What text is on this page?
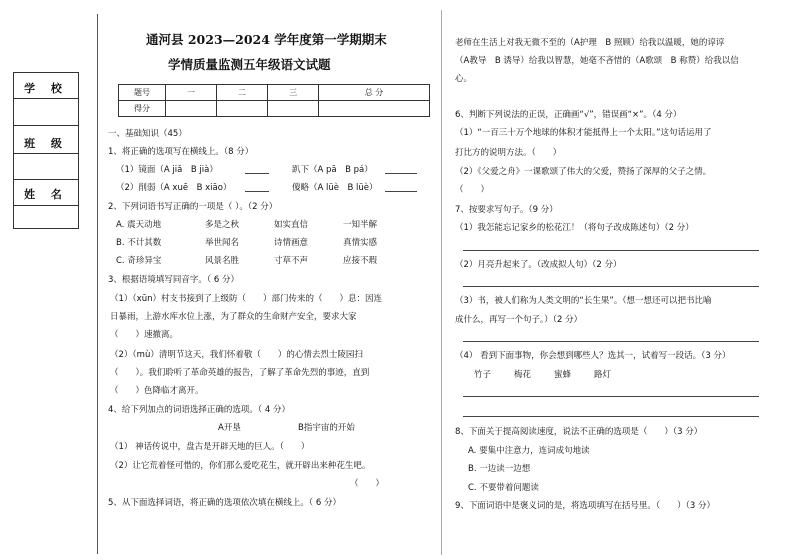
学 校
班 级
姓 名
通河县 2023—2024 学年度第一学期期末
学情质量监测五年级语文试题
题号	一	二	三	总 分
得分				
一、基础知识（45）
1、将正确的选项写在横线上。（8 分）
（1）镜面（A jiǎ　B jià）	趴下（A pā　B pá）
（2）削弱（A xuē　B xiāo）	傻略（A lüè　B lüè）
2、下列词语书写正确的一项是（ ）。（2 分）
A. 震天动地	多是之秋	如实直信	一知半解
B. 不计其数	举世闻名	诗情画意	真情实感
C. 奇珍异宝	风景名胜	寸草不声	应接不瑕
3、根据语境填写同音字。（ 6 分）
（1）（xūn）村支书接到了上级防（　　）部门传来的（　　）息：因连
日暴雨，上游水库水位上涨，为了群众的生命财产安全，要求大家
（　　）速撤离。
（2）（mù）清明节这天，我们怀着敬（　　）的心情去烈士陵园扫
（　　）。我们聆听了革命英雄的报告，了解了革命先烈的事迹，直到
（　　）色降临才离开。
4、给下列加点的词语选择正确的选项。（ 4 分）
A开垦	B指宇宙的开始
（1） 神话传说中，盘古是开辟天地的巨人。（　　）
（2）让它荒着怪可惜的，你们那么爱吃花生，就开辟出来种花生吧。
（　　）
5、从下面选择词语，将正确的选项依次填在横线上。（ 6 分）
老师在生活上对我无微不至的（A护理　B 照顾）给我以温暖，她的谆谆
（A教导　B 诱导）给我以智慧，她毫不吝惜的（A歌颂　B 称赞）给我以信
心。
6、判断下列说法的正误，正确画“√”，错误画“×”。（4 分）
（1）“一百三十万个地球的体积才能抵得上一个太阳。”这句话运用了
打比方的说明方法。（　　）
（2）《父爱之舟》一课歌颂了伟大的父爱，赞扬了深厚的父子之情。
（　　）
7、按要求写句子。（9 分）
（1）我怎能忘记家乡的松花江！（将句子改成陈述句）（2 分）
（2）月亮升起来了。（改成拟人句）（2 分）
（3）书，被人们称为人类文明的“长生果”。（想一想还可以把书比喻
成什么，再写一个句子。）（2 分）
（4） 看到下面事物，你会想到哪些人？选其一，试着写一段话。（3 分）
竹子	梅花	蜜蜂	路灯
8、下面关于提高阅读速度，说法不正确的选项是（　　）（3 分）
A. 要集中注意力，连词成句地读
B. 一边读一边想
C. 不要带着问题读
9、下面词语中是褒义词的是，将选项填写在括号里。（　　）（3 分）
